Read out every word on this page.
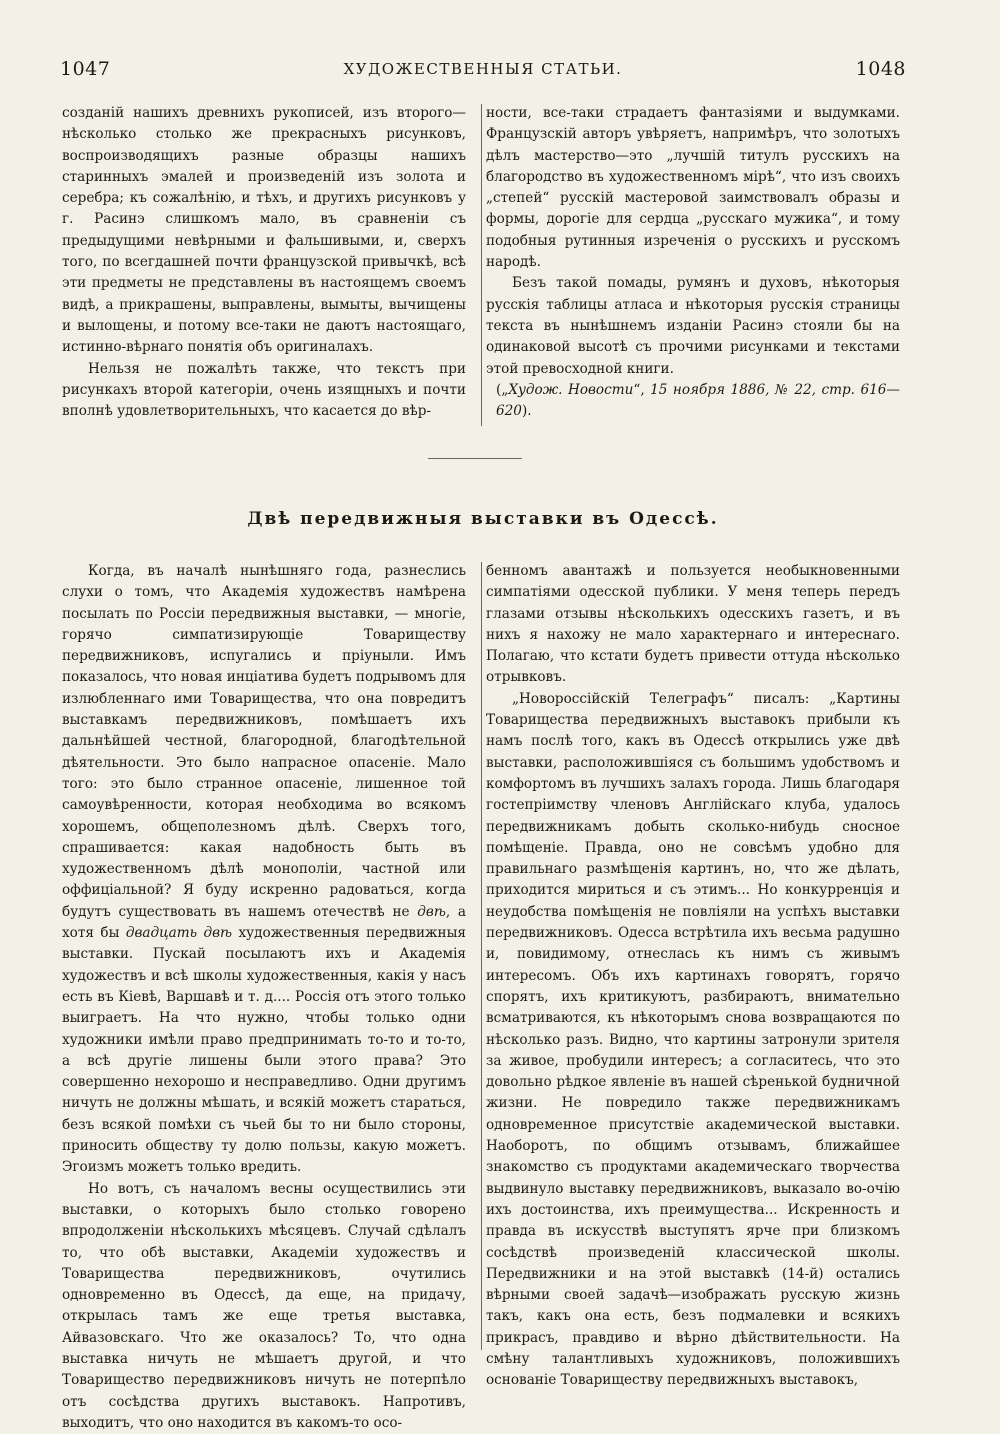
1047	ХУДОЖЕСТВЕННЫЯ СТАТЬИ.	1048

созданій нашихъ древнихъ рукописей, изъ второго— нѣсколько столько же прекрасныхъ рисунковъ, воспроизводящихъ разные образцы нашихъ старинныхъ эмалей и произведеній изъ золота и серебра; къ сожалѣнію, и тѣхъ, и другихъ рисунковъ у г. Расинэ слишкомъ мало, въ сравненіи съ предыдущими невѣрными и фальшивыми, и, сверхъ того, по всегдашней почти французской привычкѣ, всѣ эти предметы не представлены въ настоящемъ своемъ видѣ, а прикрашены, выправлены, вымыты, вычищены и вылощены, и потому все-таки не даютъ настоящаго, истинно-вѣрнаго понятія объ оригиналахъ.

Нельзя не пожалѣть также, что текстъ при рисункахъ второй категоріи, очень изящныхъ и почти вполнѣ удовлетворительныхъ, что касается до вѣр-

ности, все-таки страдаетъ фантазіями и выдумками. Французскій авторъ увѣряетъ, напримѣръ, что золотыхъ дѣлъ мастерство—это „лучшій титулъ русскихъ на благородство въ художественномъ мірѣ“, что изъ своихъ „степей“ русскій мастеровой заимствовалъ образы и формы, дорогіе для сердца „русскаго мужика“, и тому подобныя рутинныя изреченія о русскихъ и русскомъ народѣ.

Безъ такой помады, румянъ и духовъ, нѣкоторыя русскія таблицы атласа и нѣкоторыя русскія страницы текста въ нынѣшнемъ изданіи Расинэ стояли бы на одинаковой высотѣ съ прочими рисунками и текстами этой превосходной книги.

(„Худож. Новости“, 15 ноября 1886, № 22, стр. 616—620).

Двѣ передвижныя выставки въ Одессѣ.

Когда, въ началѣ нынѣшняго года, разнеслись слухи о томъ, что Академія художествъ намѣрена посылать по Россіи передвижныя выставки, — многіе, горячо симпатизирующіе Товариществу передвижниковъ, испугались и пріуныли. Имъ показалось, что новая инціатива будетъ подрывомъ для излюбленнаго ими Товарищества, что она повредитъ выставкамъ передвижниковъ, помѣшаетъ ихъ дальнѣйшей честной, благородной, благодѣтельной дѣятельности. Это было напрасное опасеніе. Мало того: это было странное опасеніе, лишенное той самоувѣренности, которая необходима во всякомъ хорошемъ, общеполезномъ дѣлѣ. Сверхъ того, спрашивается: какая надобность быть въ художественномъ дѣлѣ монополіи, частной или оффиціальной? Я буду искренно радоваться, когда будутъ существовать въ нашемъ отечествѣ не двѣ, а хотя бы двадцать двѣ художественныя передвижныя выставки. Пускай посылаютъ ихъ и Академія художествъ и всѣ школы художественныя, какія у насъ есть въ Кіевѣ, Варшавѣ и т. д.... Россія отъ этого только выиграетъ. На что нужно, чтобы только одни художники имѣли право предпринимать то-то и то-то, а всѣ другіе лишены были этого права? Это совершенно нехорошо и несправедливо. Одни другимъ ничуть не должны мѣшать, и всякій можетъ стараться, безъ всякой помѣхи съ чьей бы то ни было стороны, приносить обществу ту долю пользы, какую можетъ. Эгоизмъ можетъ только вредить.

Но вотъ, съ началомъ весны осуществились эти выставки, о которыхъ было столько говорено впродолженіи нѣсколькихъ мѣсяцевъ. Случай сдѣлалъ то, что обѣ выставки, Академіи художествъ и Товарищества передвижниковъ, очутились одновременно въ Одессѣ, да еще, на придачу, открылась тамъ же еще третья выставка, Айвазовскаго. Что же оказалось? То, что одна выставка ничуть не мѣшаетъ другой, и что Товарищество передвижниковъ ничуть не потерпѣло отъ сосѣдства другихъ выставокъ. Напротивъ, выходитъ, что оно находится въ какомъ-то осо-

бенномъ авантажѣ и пользуется необыкновенными симпатіями одесской публики. У меня теперь передъ глазами отзывы нѣсколькихъ одесскихъ газетъ, и въ нихъ я нахожу не мало характернаго и интереснаго. Полагаю, что кстати будетъ привести оттуда нѣсколько отрывковъ.

„Новороссійскій Телеграфъ“ писалъ: „Картины Товарищества передвижныхъ выставокъ прибыли къ намъ послѣ того, какъ въ Одессѣ открылись уже двѣ выставки, расположившіяся съ большимъ удобствомъ и комфортомъ въ лучшихъ залахъ города. Лишь благодаря гостепріимству членовъ Англійскаго клуба, удалось передвижникамъ добыть сколько-нибудь сносное помѣщеніе. Правда, оно не совсѣмъ удобно для правильнаго размѣщенія картинъ, но, что же дѣлать, приходится мириться и съ этимъ... Но конкурренція и неудобства помѣщенія не повліяли на успѣхъ выставки передвижниковъ. Одесса встрѣтила ихъ весьма радушно и, повидимому, отнеслась къ нимъ съ живымъ интересомъ. Объ ихъ картинахъ говорятъ, горячо спорятъ, ихъ критикуютъ, разбираютъ, внимательно всматриваются, къ нѣкоторымъ снова возвращаются по нѣсколько разъ. Видно, что картины затронули зрителя за живое, пробудили интересъ; а согласитесь, что это довольно рѣдкое явленіе въ нашей сѣренькой будничной жизни. Не повредило также передвижникамъ одновременное присутствіе академической выставки. Наоборотъ, по общимъ отзывамъ, ближайшее знакомство съ продуктами академическаго творчества выдвинуло выставку передвижниковъ, выказало во-очію ихъ достоинства, ихъ преимущества... Искренность и правда въ искусствѣ выступятъ ярче при близкомъ сосѣдствѣ произведеній классической школы. Передвижники и на этой выставкѣ (14-й) остались вѣрными своей задачѣ—изображать русскую жизнь такъ, какъ она есть, безъ подмалевки и всякихъ прикрасъ, правдиво и вѣрно дѣйствительности. На смѣну талантливыхъ художниковъ, положившихъ основаніе Товариществу передвижныхъ выставокъ,
